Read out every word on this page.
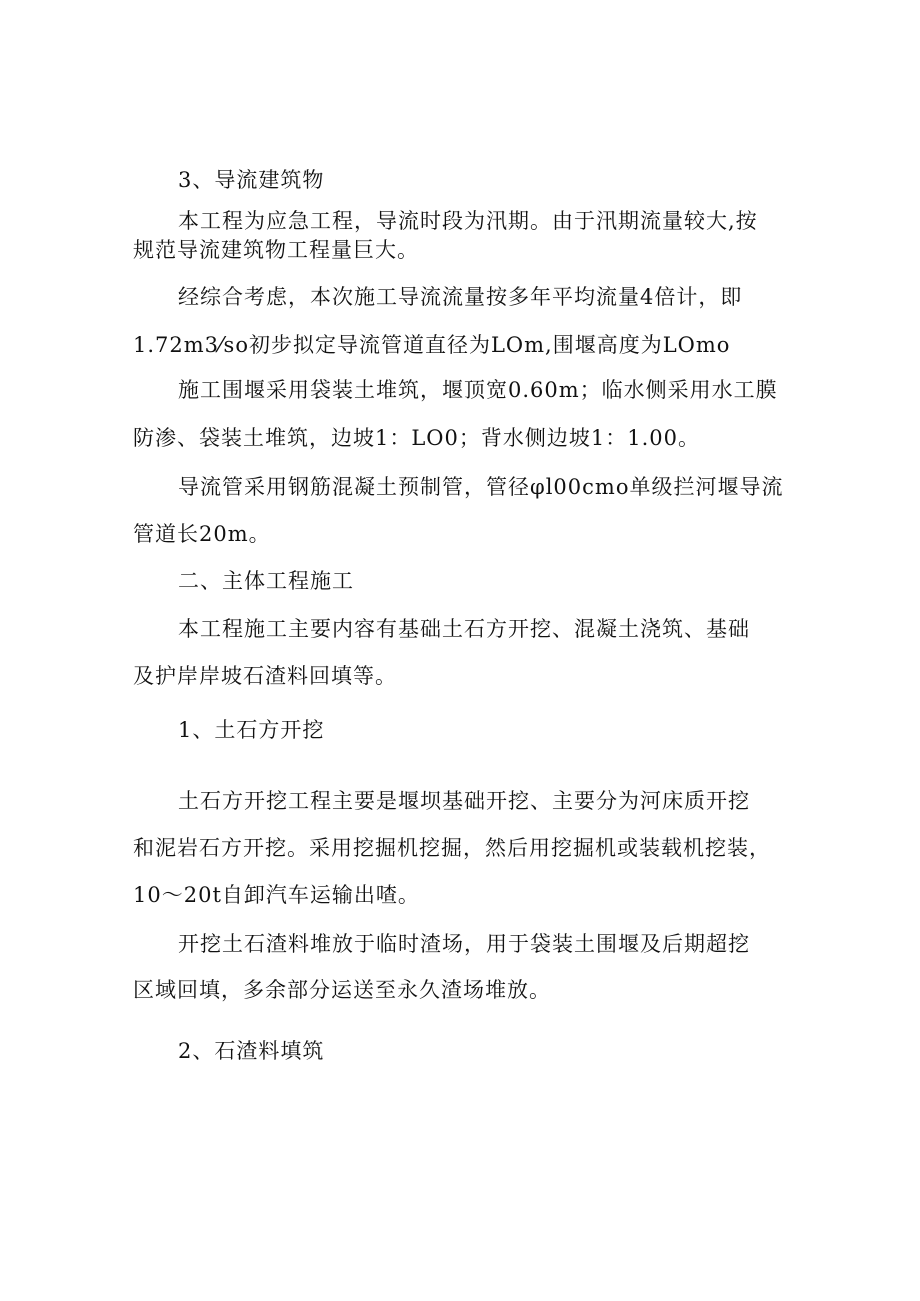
3、导流建筑物
本工程为应急工程，导流时段为汛期。由于汛期流量较大,按
规范导流建筑物工程量巨大。
经综合考虑，本次施工导流流量按多年平均流量4倍计，即
1.72m3⁄so初步拟定导流管道直径为LOm,围堰高度为LOmo
施工围堰采用袋装土堆筑，堰顶宽0.60m；临水侧采用水工膜
防渗、袋装土堆筑，边坡1：LO0；背水侧边坡1：1.00。
导流管采用钢筋混凝土预制管，管径φl00cmo单级拦河堰导流
管道长20m。
二、主体工程施工
本工程施工主要内容有基础土石方开挖、混凝土浇筑、基础
及护岸岸坡石渣料回填等。
1、土石方开挖
土石方开挖工程主要是堰坝基础开挖、主要分为河床质开挖
和泥岩石方开挖。采用挖掘机挖掘，然后用挖掘机或装载机挖装，
10～20t自卸汽车运输出喳。
开挖土石渣料堆放于临时渣场，用于袋装土围堰及后期超挖
区域回填，多余部分运送至永久渣场堆放。
2、石渣料填筑
